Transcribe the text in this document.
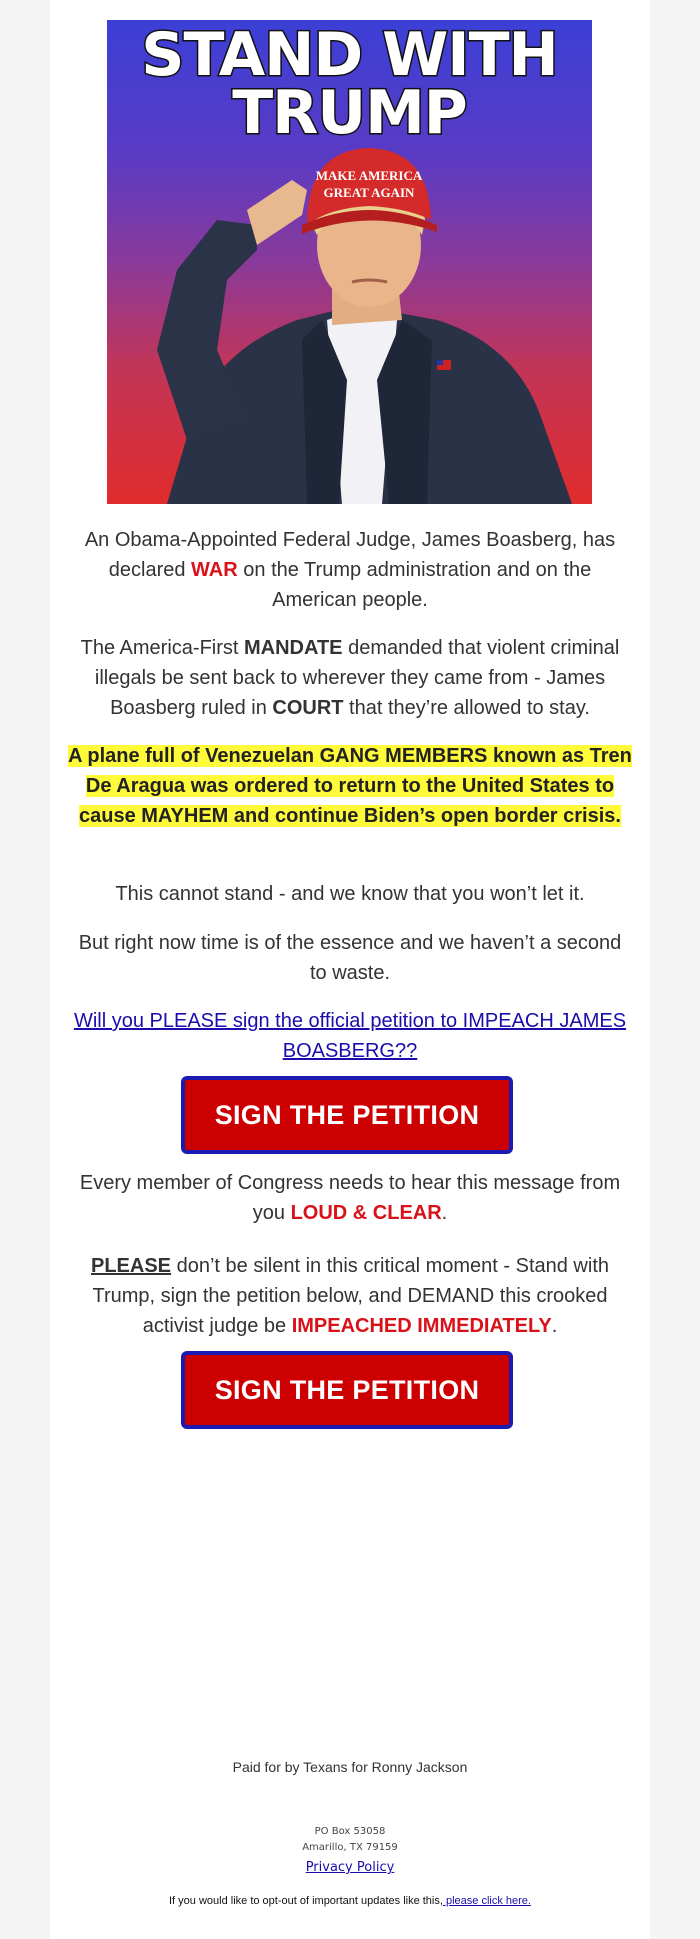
MAKE AMERICA
GREAT AGAIN
STAND WITH
TRUMP
An Obama-Appointed Federal Judge, James Boasberg, has declared WAR on the Trump administration and on the American people.
The America-First MANDATE demanded that violent criminal illegals be sent back to wherever they came from - James Boasberg ruled in COURT that they’re allowed to stay.
A plane full of Venezuelan GANG MEMBERS known as Tren De Aragua was ordered to return to the United States to cause MAYHEM and continue Biden’s open border crisis.
This cannot stand - and we know that you won’t let it.
But right now time is of the essence and we haven’t a second to waste.
Will you PLEASE sign the official petition to IMPEACH JAMES BOASBERG??
SIGN THE PETITION
Every member of Congress needs to hear this message from you LOUD & CLEAR.
PLEASE don’t be silent in this critical moment - Stand with Trump, sign the petition below, and DEMAND this crooked activist judge be IMPEACHED IMMEDIATELY.
SIGN THE PETITION
Paid for by Texans for Ronny Jackson
PO Box 53058
Amarillo, TX 79159
Privacy Policy
If you would like to opt-out of important updates like this, please click here.
